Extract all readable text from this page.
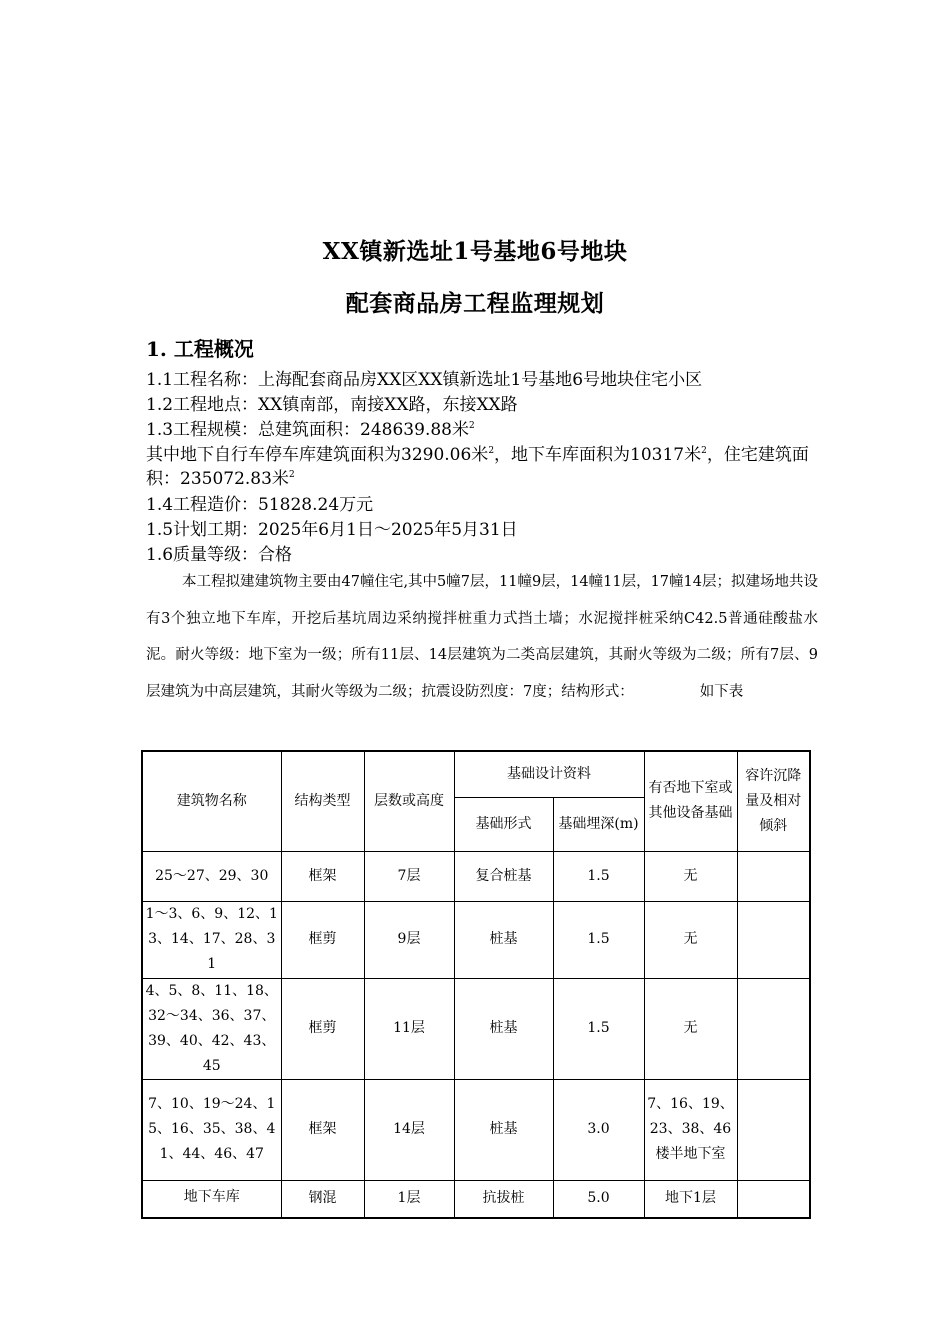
XX镇新选址1号基地6号地块
配套商品房工程监理规划
1. 工程概况
1.1工程名称：上海配套商品房XX区XX镇新选址1号基地6号地块住宅小区
1.2工程地点：XX镇南部，南接XX路，东接XX路
1.3工程规模：总建筑面积：248639.88米$^2$
其中地下自行车停车库建筑面积为3290.06米$^2$，地下车库面积为10317米$^2$，住宅建筑面积：235072.83米$^2$
1.4工程造价：51828.24万元
1.5计划工期：2025年6月1日～2025年5月31日
1.6质量等级：合格
本工程拟建建筑物主要由47幢住宅,其中5幢7层，11幢9层，14幢11层，17幢14层；拟建场地共设有3个独立地下车库，开挖后基坑周边采纳搅拌桩重力式挡土墙；水泥搅拌桩采纳C42.5普通硅酸盐水泥。耐火等级：地下室为一级；所有11层、14层建筑为二类高层建筑，其耐火等级为二级；所有7层、9层建筑为中高层建筑，其耐火等级为二级；抗震设防烈度：7度；结构形式：	如下表
建筑物名称	结构类型	层数或高度	基础设计资料		有否地下室或其他设备基础	容许沉降量及相对倾斜
			基础形式	基础埋深(m)		
25～27、29、30	框架	7层	复合桩基	1.5	无	
1～3、6、9、12、13、14、17、28、31	框剪	9层	桩基	1.5	无	
4、5、8、11、18、32～34、36、37、39、40、42、43、45	框剪	11层	桩基	1.5	无	
7、10、19～24、15、16、35、38、41、44、46、47	框架	14层	桩基	3.0	7、16、19、23、38、46楼半地下室	
地下车库	钢混	1层	抗拔桩	5.0	地下1层	
